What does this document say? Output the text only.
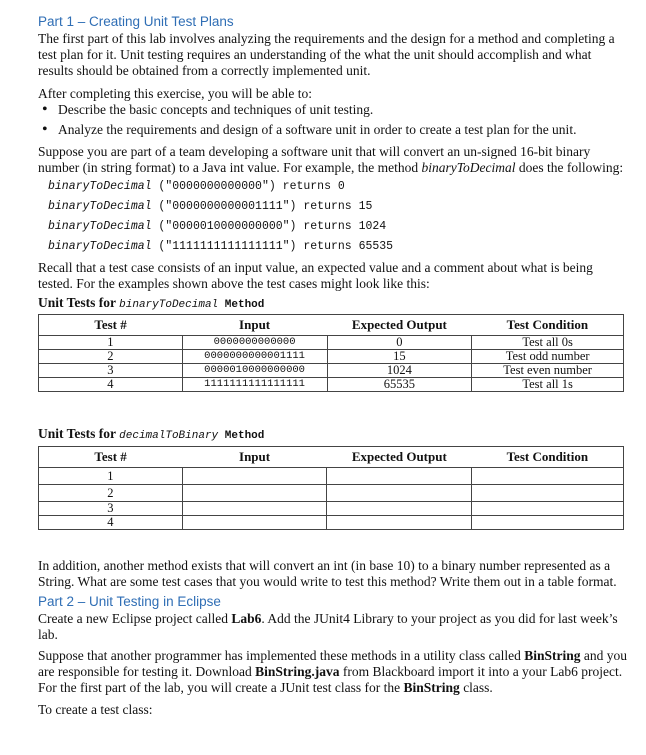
Part 1 – Creating Unit Test Plans

The first part of this lab involves analyzing the requirements and the design for a method and completing a test plan for it. Unit testing requires an understanding of the what the unit should accomplish and what results should be obtained from a correctly implemented unit.

After completing this exercise, you will be able to:

• Describe the basic concepts and techniques of unit testing.
• Analyze the requirements and design of a software unit in order to create a test plan for the unit.

Suppose you are part of a team developing a software unit that will convert an un-signed 16-bit binary number (in string format) to a Java int value. For example, the method binaryToDecimal does the following:

binaryToDecimal ("0000000000000") returns 0
binaryToDecimal ("0000000000001111") returns 15
binaryToDecimal ("0000010000000000") returns 1024
binaryToDecimal ("1111111111111111") returns 65535

Recall that a test case consists of an input value, an expected value and a comment about what is being tested. For the examples shown above the test cases might look like this:

Unit Tests for binaryToDecimal Method
Test #	Input	Expected Output	Test Condition
1	0000000000000	0	Test all 0s
2	0000000000001111	15	Test odd number
3	0000010000000000	1024	Test even number
4	1111111111111111	65535	Test all 1s
Unit Tests for decimalToBinary Method
Test #	Input	Expected Output	Test Condition
1			
2			
3			
4			

In addition, another method exists that will convert an int (in base 10) to a binary number represented as a String. What are some test cases that you would write to test this method? Write them out in a table format.

Part 2 – Unit Testing in Eclipse

Create a new Eclipse project called Lab6. Add the JUnit4 Library to your project as you did for last week’s lab.

Suppose that another programmer has implemented these methods in a utility class called BinString and you are responsible for testing it. Download BinString.java from Blackboard import it into a your Lab6 project. For the first part of the lab, you will create a JUnit test class for the BinString class.

To create a test class:
